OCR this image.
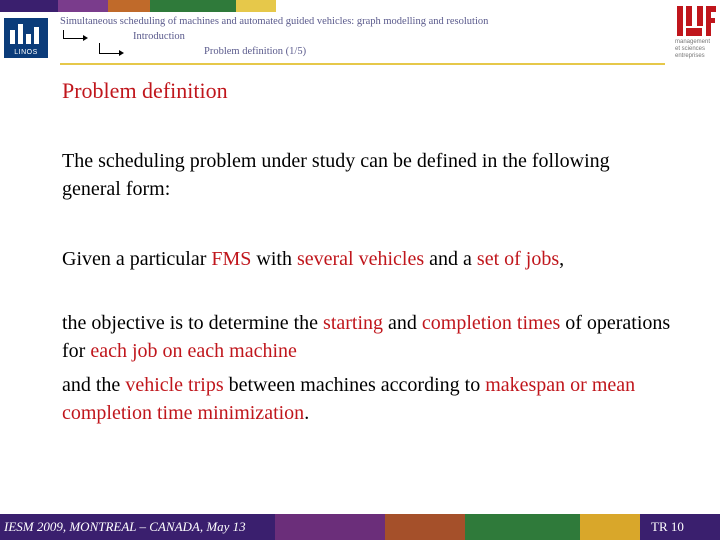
LINOS
Simultaneous scheduling of machines and automated guided vehicles: graph modelling and resolution
Introduction
Problem definition (1/5)
management
et sciences
entreprises
Problem definition
The scheduling problem under study can be defined in the following general form:
Given a particular FMS with several vehicles and a set of jobs,
the objective is to determine the starting and completion times of operations for each job on each machine
and the vehicle trips between machines according to makespan or mean completion time minimization.
IESM 2009, MONTREAL – CANADA, May 13	TR 10
